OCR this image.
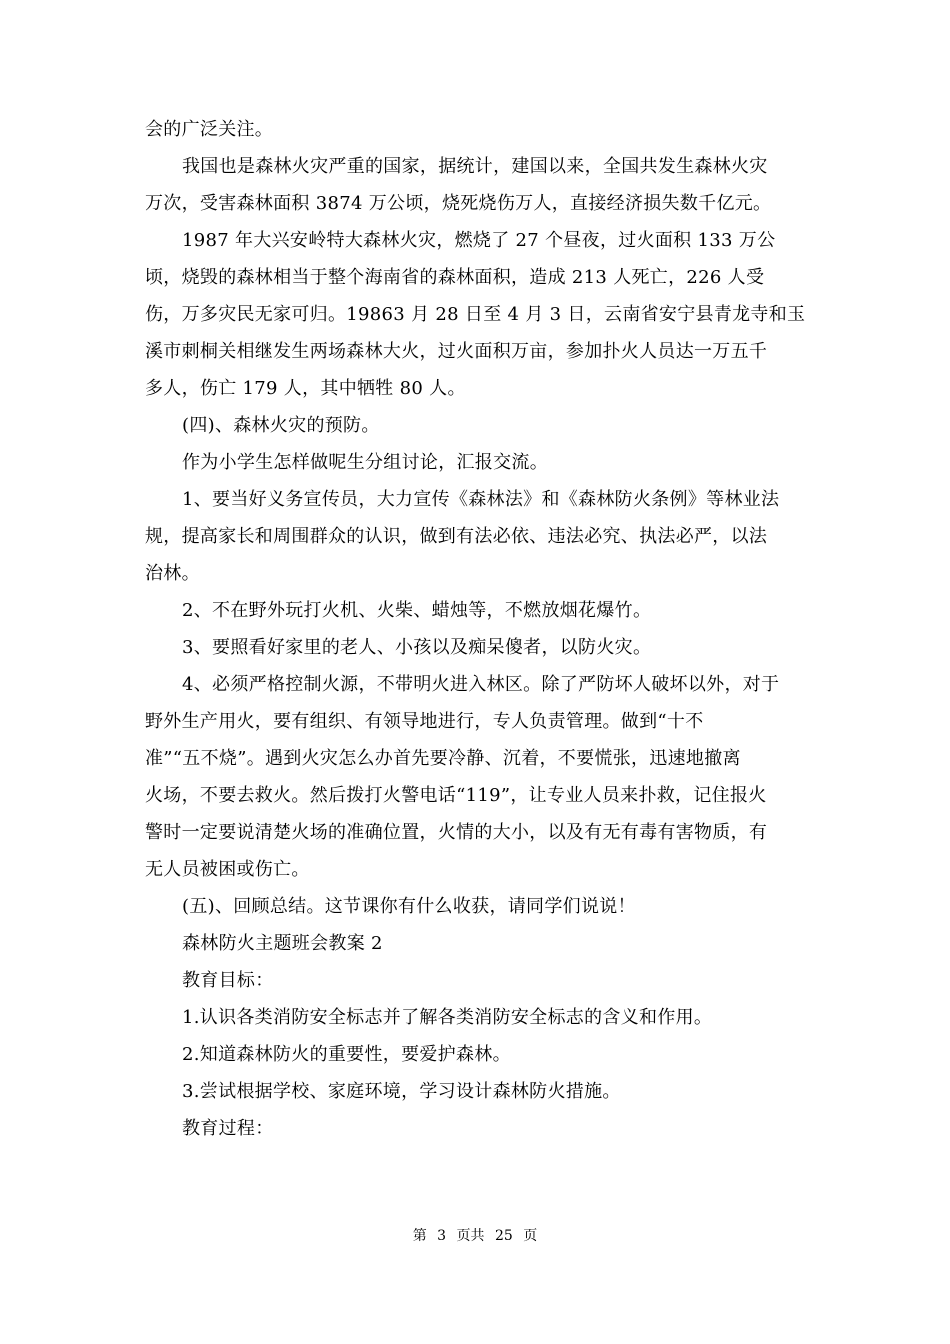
会的广泛关注。
我国也是森林火灾严重的国家，据统计，建国以来，全国共发生森林火灾
万次，受害森林面积 3874 万公顷，烧死烧伤万人，直接经济损失数千亿元。
1987 年大兴安岭特大森林火灾，燃烧了 27 个昼夜，过火面积 133 万公
顷，烧毁的森林相当于整个海南省的森林面积，造成 213 人死亡，226 人受
伤，万多灾民无家可归。19863 月 28 日至 4 月 3 日，云南省安宁县青龙寺和玉
溪市刺桐关相继发生两场森林大火，过火面积万亩，参加扑火人员达一万五千
多人，伤亡 179 人，其中牺牲 80 人。
(四)、森林火灾的预防。
作为小学生怎样做呢生分组讨论，汇报交流。
1、要当好义务宣传员，大力宣传《森林法》和《森林防火条例》等林业法
规，提高家长和周围群众的认识，做到有法必依、违法必究、执法必严，以法
治林。
2、不在野外玩打火机、火柴、蜡烛等，不燃放烟花爆竹。
3、要照看好家里的老人、小孩以及痴呆傻者，以防火灾。
4、必须严格控制火源，不带明火进入林区。除了严防坏人破坏以外，对于
野外生产用火，要有组织、有领导地进行，专人负责管理。做到“十不
准”“五不烧”。遇到火灾怎么办首先要冷静、沉着，不要慌张，迅速地撤离
火场，不要去救火。然后拨打火警电话“119”，让专业人员来扑救，记住报火
警时一定要说清楚火场的准确位置，火情的大小，以及有无有毒有害物质，有
无人员被困或伤亡。
(五)、回顾总结。这节课你有什么收获，请同学们说说！
森林防火主题班会教案 2
教育目标：
1.认识各类消防安全标志并了解各类消防安全标志的含义和作用。
2.知道森林防火的重要性，要爱护森林。
3.尝试根据学校、家庭环境，学习设计森林防火措施。
教育过程：
第 3 页共 25 页
